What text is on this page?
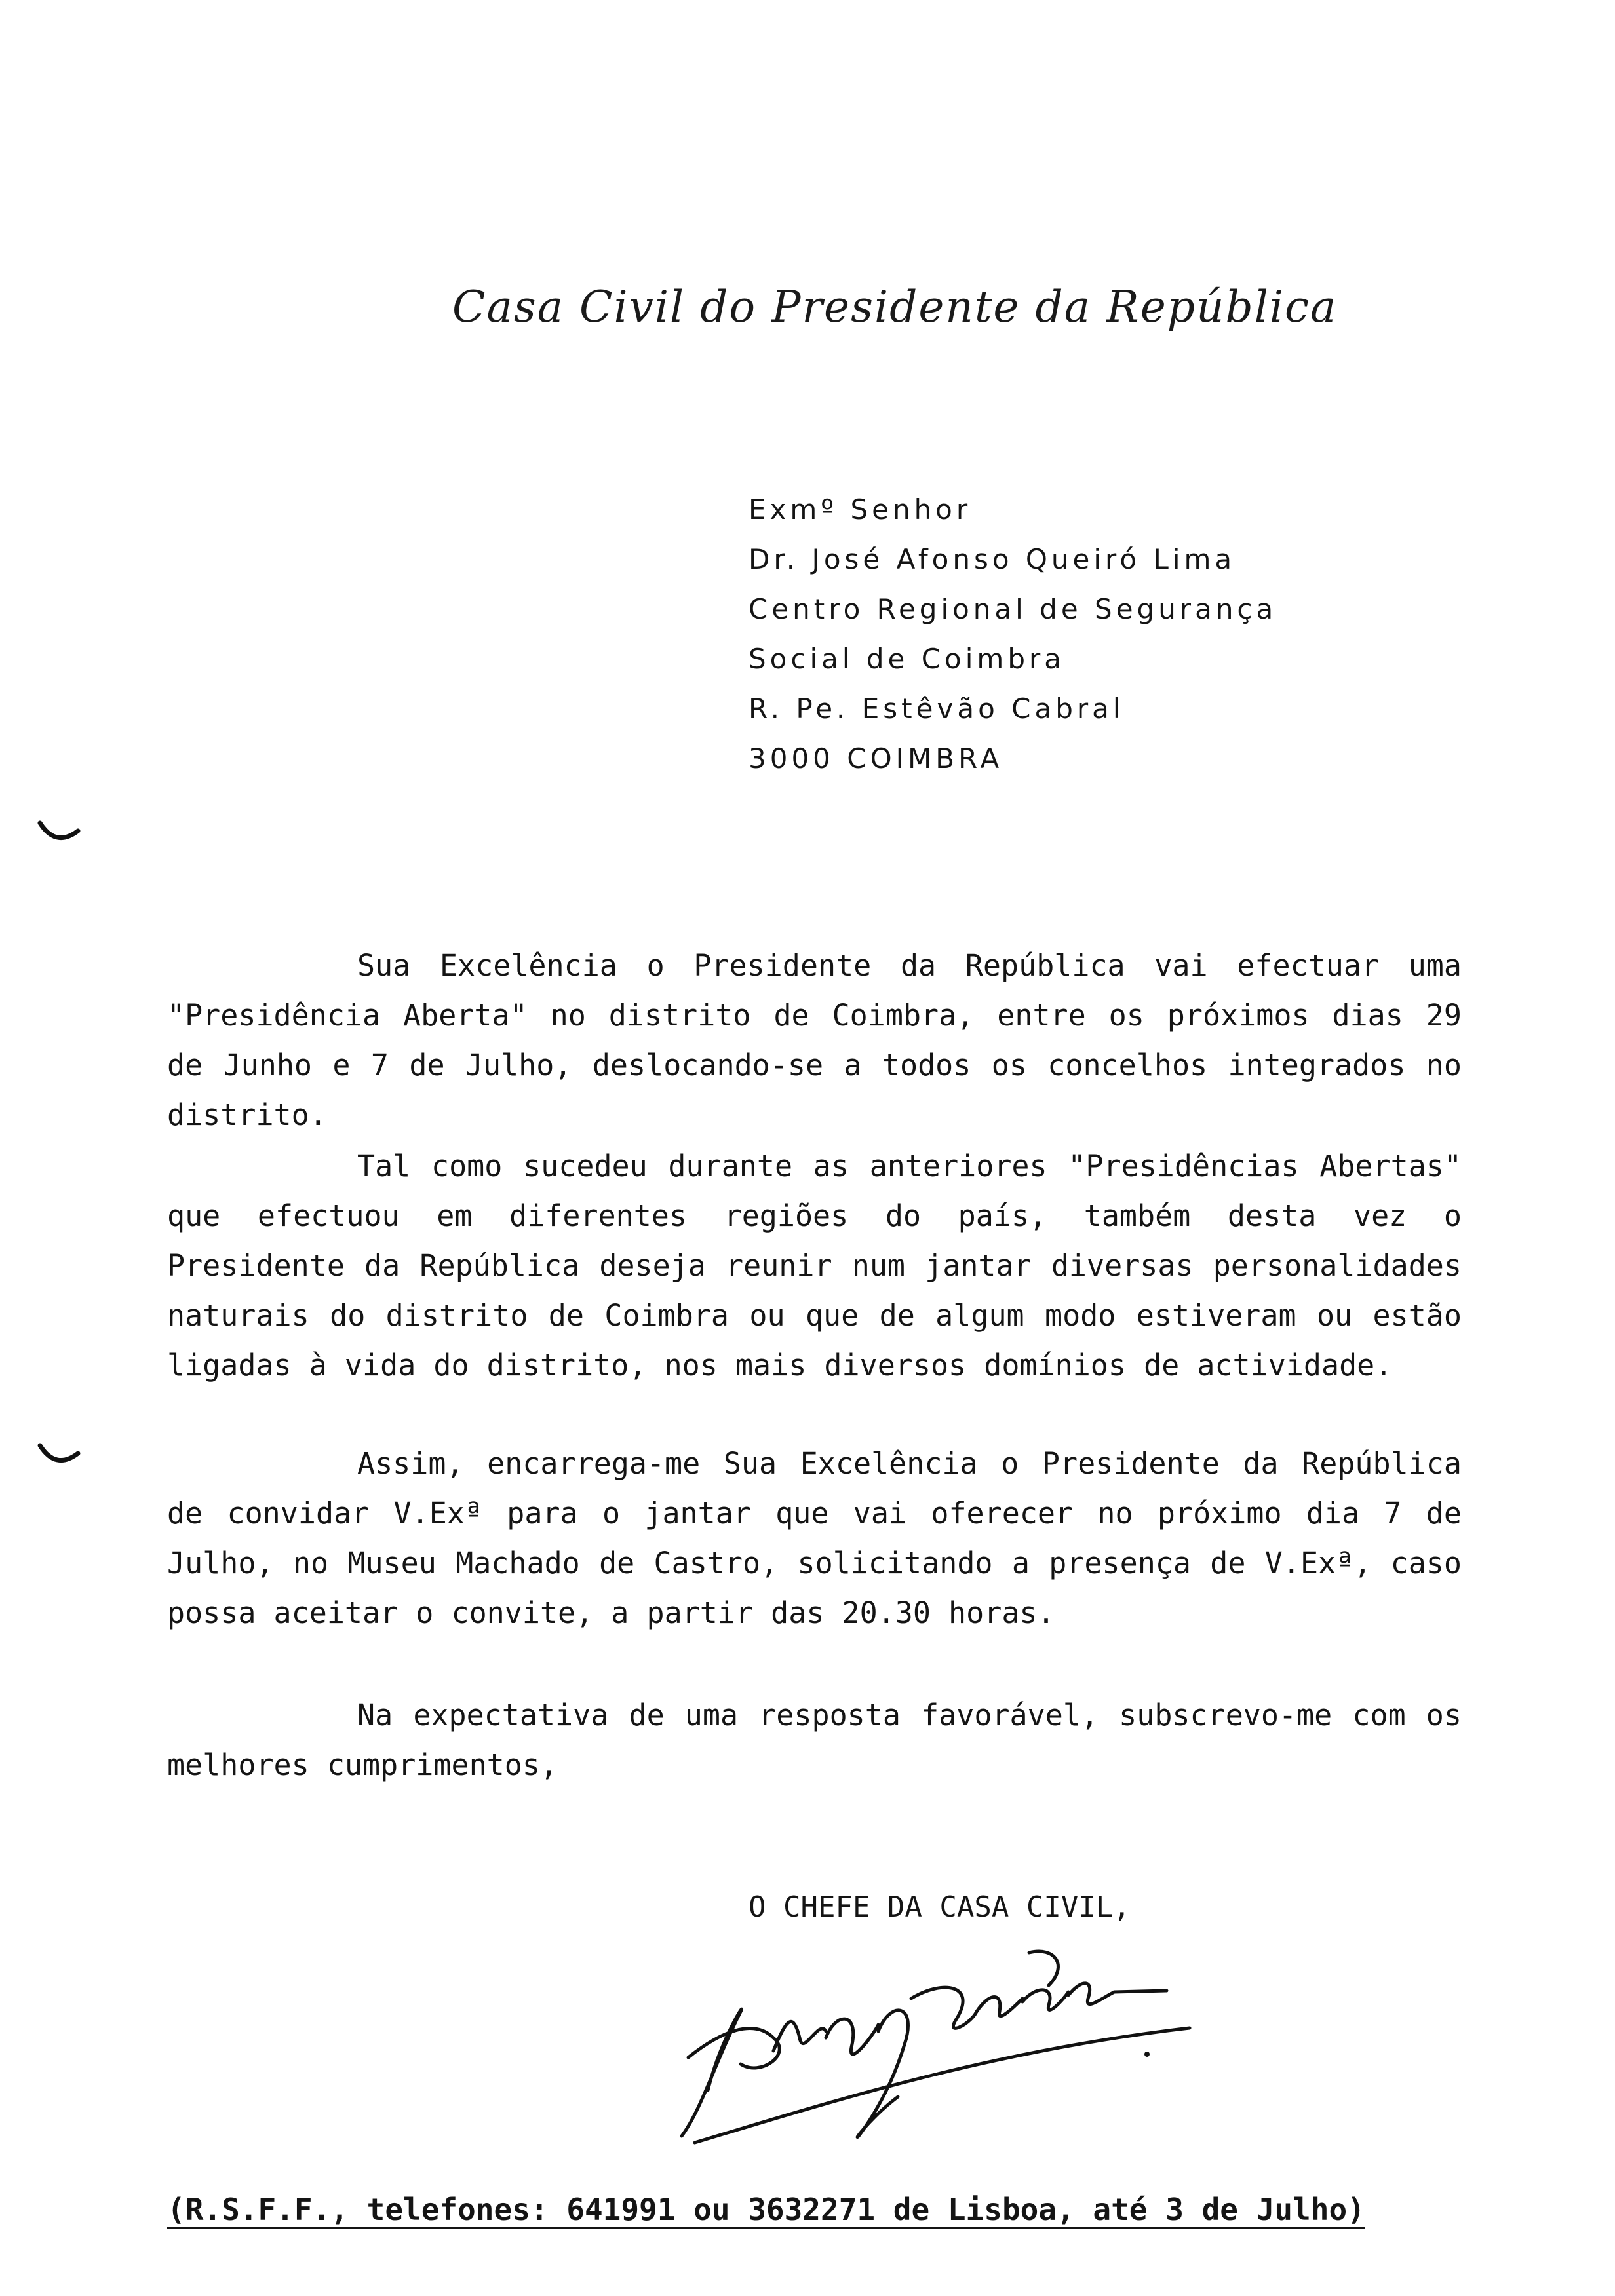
Casa Civil do Presidente da República
Exmº Senhor
Dr. José Afonso Queiró Lima
Centro Regional de Segurança
Social de Coimbra
R. Pe. Estêvão Cabral
3000 COIMBRA
Sua Excelência o Presidente da República vai efectuar uma "Presidência Aberta" no distrito de Coimbra, entre os próximos dias 29 de Junho e 7 de Julho, deslocando-se a todos os concelhos integrados no distrito.
Tal como sucedeu durante as anteriores "Presidências Abertas" que efectuou em diferentes regiões do país, também desta vez o Presidente da República deseja reunir num jantar diversas personalidades naturais do distrito de Coimbra ou que de algum modo estiveram ou estão ligadas à vida do distrito, nos mais diversos domínios de actividade.
Assim, encarrega-me Sua Excelência o Presidente da República de convidar V.Exª para o jantar que vai oferecer no próximo dia 7 de Julho, no Museu Machado de Castro, solicitando a presença de V.Exª, caso possa aceitar o convite, a partir das 20.30 horas.
Na expectativa de uma resposta favorável, subscrevo-me com os melhores cumprimentos,
O CHEFE DA CASA CIVIL,
(R.S.F.F., telefones: 641991 ou 3632271 de Lisboa, até 3 de Julho)
